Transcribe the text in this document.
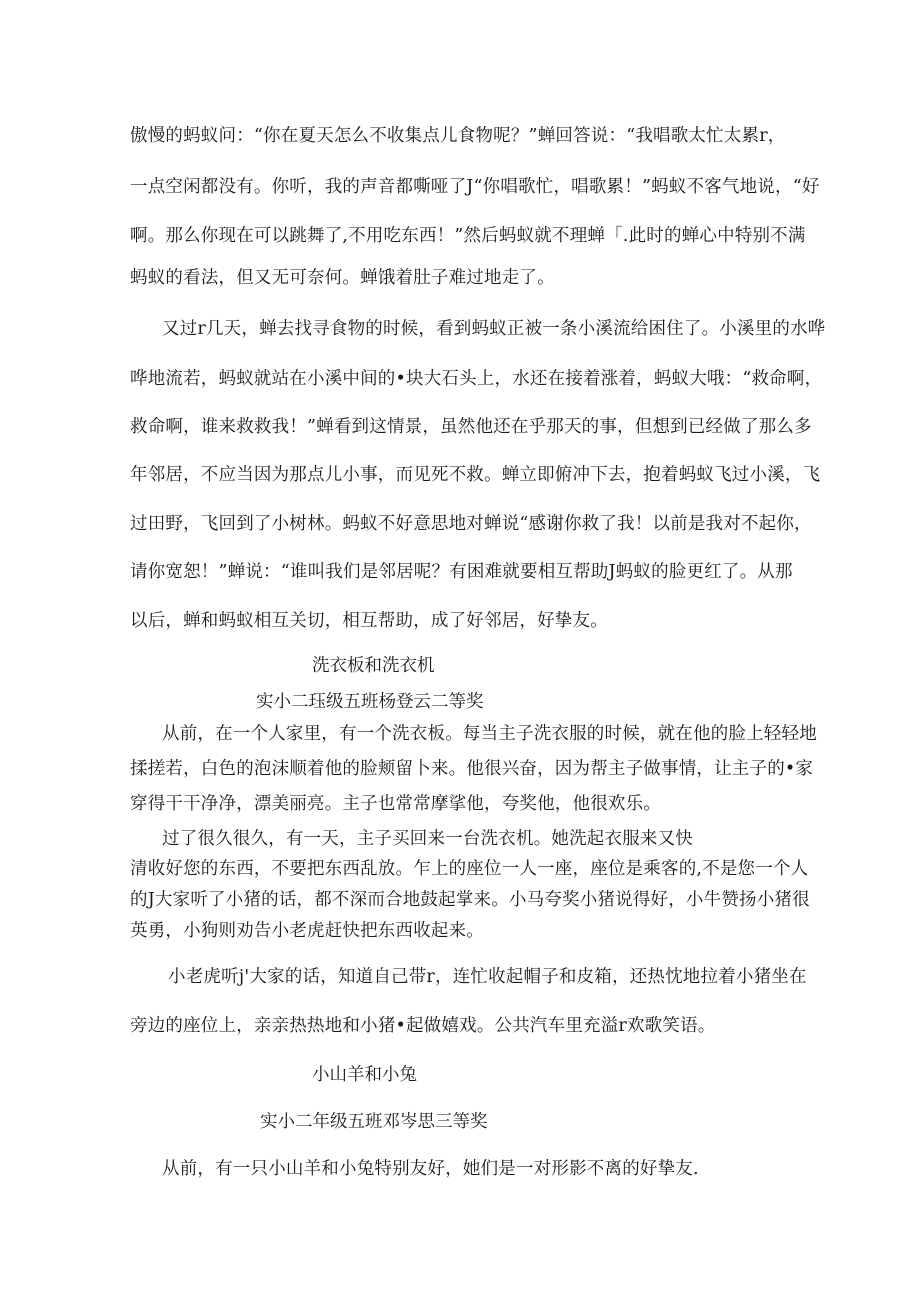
傲慢的蚂蚁问：“你在夏天怎么不收集点儿食物呢？”蝉回答说：“我唱歌太忙太累r，
一点空闲都没有。你听，我的声音都嘶哑了J“你唱歌忙，唱歌累！”蚂蚁不客气地说，“好
啊。那么你现在可以跳舞了,不用吃东西！”然后蚂蚁就不理蝉「.此时的蝉心中特别不满
蚂蚁的看法，但又无可奈何。蝉饿着肚子难过地走了。
又过r几天，蝉去找寻食物的时候，看到蚂蚁正被一条小溪流给困住了。小溪里的水哗
哗地流若，蚂蚁就站在小溪中间的•块大石头上，水还在接着涨着，蚂蚁大哦：“救命啊，
救命啊，谁来救救我！”蝉看到这情景，虽然他还在乎那天的事，但想到已经做了那么多
年邻居，不应当因为那点儿小事，而见死不救。蝉立即俯冲下去，抱着蚂蚁飞过小溪，飞
过田野，飞回到了小树林。蚂蚁不好意思地对蝉说“感谢你救了我！以前是我对不起你，
请你宽恕！”蝉说：“谁叫我们是邻居呢？有困难就要相互帮助J蚂蚁的脸更红了。从那
以后，蝉和蚂蚁相互关切，相互帮助，成了好邻居，好挚友。
洗衣板和洗衣机
实小二珏级五班杨登云二等奖
从前，在一个人家里，有一个洗衣板。每当主子洗衣服的时候，就在他的脸上轻轻地
揉搓若，白色的泡沫顺着他的脸颊留卜来。他很兴奋，因为帮主子做事情，让主子的•家
穿得干干净净，漂美丽亮。主子也常常摩挲他，夸奖他，他很欢乐。
过了很久很久，有一天，主子买回来一台洗衣机。她洗起衣服来又快
清收好您的东西，不要把东西乱放。乍上的座位一人一座，座位是乘客的,不是您一个人
的J大家听了小猪的话，都不深而合地鼓起掌来。小马夸奖小猪说得好，小牛赞扬小猪很
英勇，小狗则劝告小老虎赶快把东西收起来。
小老虎听j'大家的话，知道自己带r，连忙收起帽子和皮箱，还热忱地拉着小猪坐在
旁边的座位上，亲亲热热地和小猪•起做嬉戏。公共汽车里充溢r欢歌笑语。
小山羊和小兔
实小二年级五班邓岑思三等奖
从前，有一只小山羊和小兔特别友好，她们是一对形影不离的好挚友.
